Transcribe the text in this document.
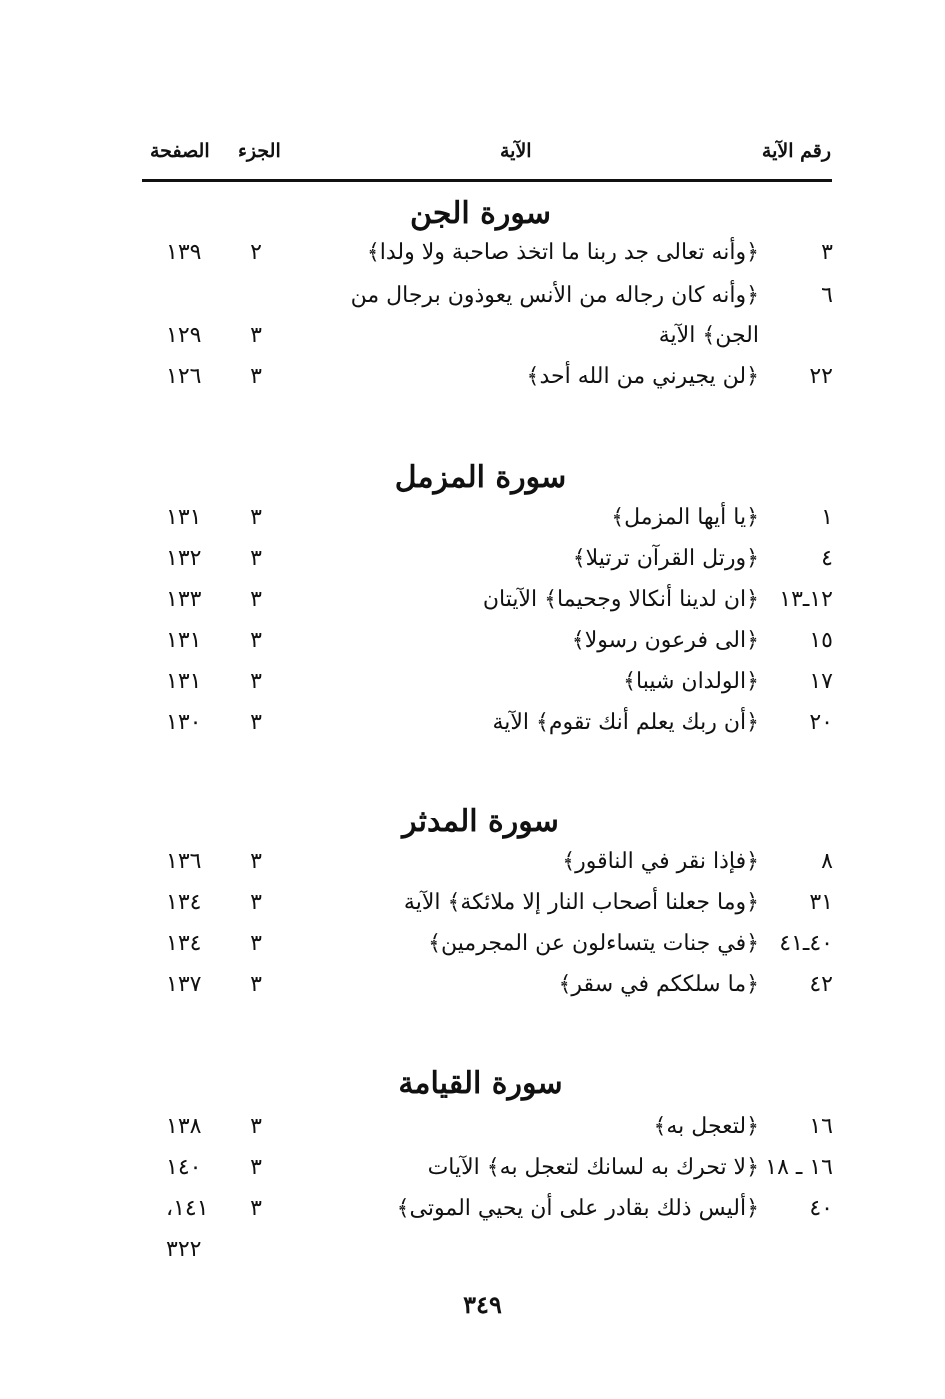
رقم الآية
الآية
الجزء
الصفحة
سورة الجن
٣
﴿وأنه تعالى جد ربنا ما اتخذ صاحبة ولا ولدا﴾
٢
١٣٩
٦
﴿وأنه كان رجاله من الأنس يعوذون برجال من
الجن﴾ الآية
٣
١٢٩
٢٢
﴿لن يجيرني من الله أحد﴾
٣
١٢٦
سورة المزمل
١
﴿يا أيها المزمل﴾
٣
١٣١
٤
﴿ورتل القرآن ترتيلا﴾
٣
١٣٢
١٢ـ١٣
﴿ان لدينا أنكالا وجحيما﴾ الآيتان
٣
١٣٣
١٥
﴿الى فرعون رسولا﴾
٣
١٣١
١٧
﴿الولدان شيبا﴾
٣
١٣١
٢٠
﴿أن ربك يعلم أنك تقوم﴾ الآية
٣
١٣٠
سورة المدثر
٨
﴿فإذا نقر في الناقور﴾
٣
١٣٦
٣١
﴿وما جعلنا أصحاب النار إلا ملائكة﴾ الآية
٣
١٣٤
٤٠ـ٤١
﴿في جنات يتساءلون عن المجرمين﴾
٣
١٣٤
٤٢
﴿ما سلككم في سقر﴾
٣
١٣٧
سورة القيامة
١٦
﴿لتعجل به﴾
٣
١٣٨
١٦ ـ ١٨
﴿لا تحرك به لسانك لتعجل به﴾ الآيات
٣
١٤٠
٤٠
﴿أليس ذلك بقادر على أن يحيي الموتى﴾
٣
١٤١،
٣٢٢
٣٤٩
